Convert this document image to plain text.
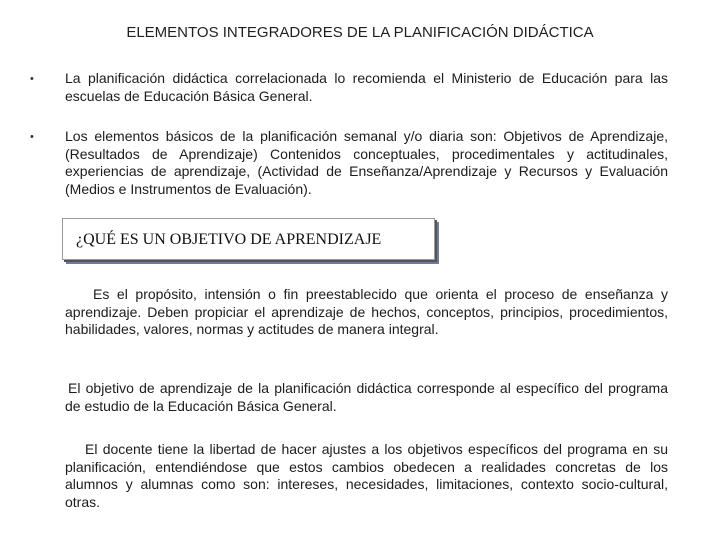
ELEMENTOS INTEGRADORES DE LA PLANIFICACIÓN DIDÁCTICA
• La planificación didáctica correlacionada lo recomienda el Ministerio de Educación para las escuelas de Educación Básica General.
• Los elementos básicos de la planificación semanal y/o diaria son: Objetivos de Aprendizaje, (Resultados de Aprendizaje) Contenidos conceptuales, procedimentales y actitudinales, experiencias de aprendizaje, (Actividad de Enseñanza/Aprendizaje y Recursos y Evaluación (Medios e Instrumentos de Evaluación).
¿QUÉ ES UN OBJETIVO DE APRENDIZAJE
Es el propósito, intensión o fin preestablecido que orienta el proceso de enseñanza y aprendizaje. Deben propiciar el aprendizaje de hechos, conceptos, principios, procedimientos, habilidades, valores, normas y actitudes de manera integral.
El objetivo de aprendizaje de la planificación didáctica corresponde al específico del programa de estudio de la Educación Básica General.
El docente tiene la libertad de hacer ajustes a los objetivos específicos del programa en su planificación, entendiéndose que estos cambios obedecen a realidades concretas de los alumnos y alumnas como son: intereses, necesidades, limitaciones, contexto socio-cultural, otras.
